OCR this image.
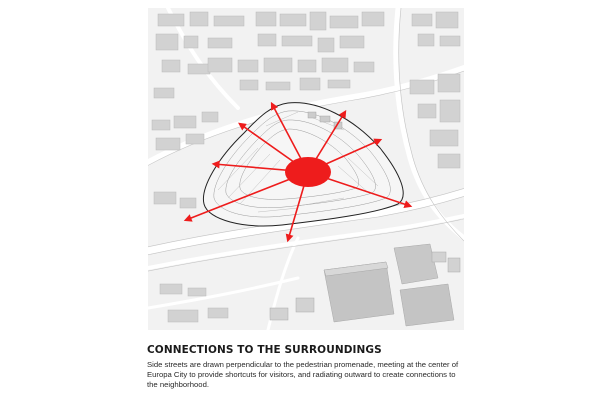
CONNECTIONS TO THE SURROUNDINGS

Side streets are drawn perpendicular to the pedestrian promenade, meeting at the center of Europa City to provide shortcuts for visitors, and radiating outward to create connections to the neighborhood.
